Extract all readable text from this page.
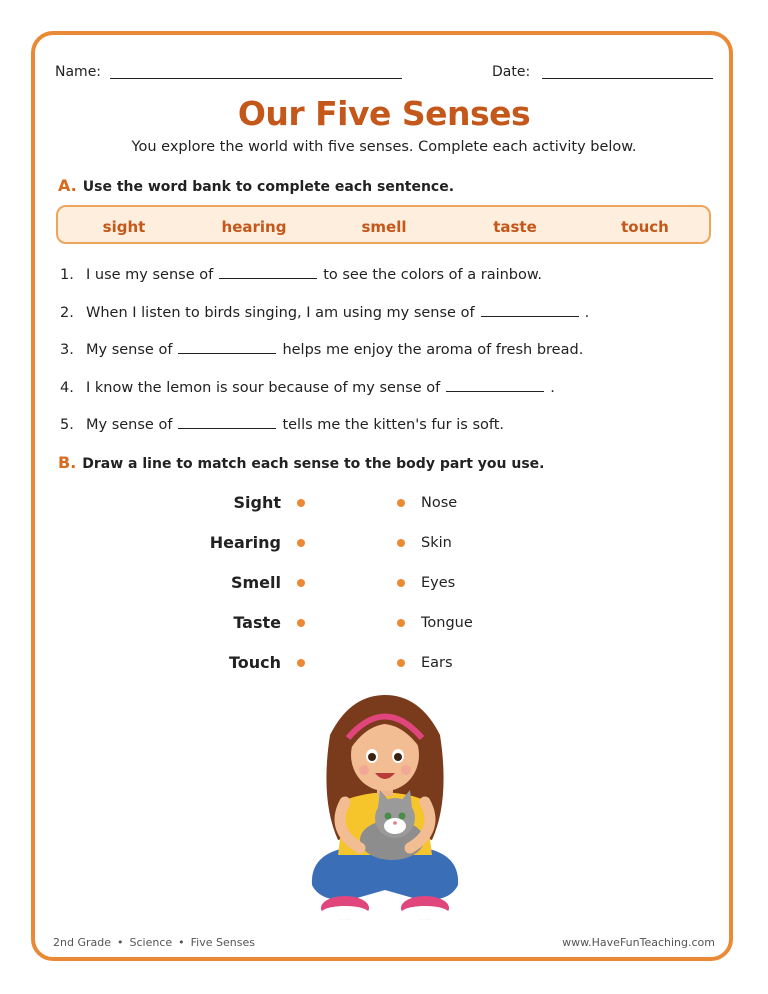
Name:	Date:
Our Five Senses
You explore the world with five senses. Complete each activity below.
A. Use the word bank to complete each sentence.
sight	hearing	smell	taste	touch
1. I use my sense of	to see the colors of a rainbow.
2. When I listen to birds singing, I am using my sense of	.
3. My sense of	helps me enjoy the aroma of fresh bread.
4. I know the lemon is sour because of my sense of	.
5. My sense of	tells me the kitten's fur is soft.
B. Draw a line to match each sense to the body part you use.
Sight
Hearing
Smell
Taste
Touch
Nose
Skin
Eyes
Tongue
Ears
2nd Grade • Science • Five Senses	www.HaveFunTeaching.com
